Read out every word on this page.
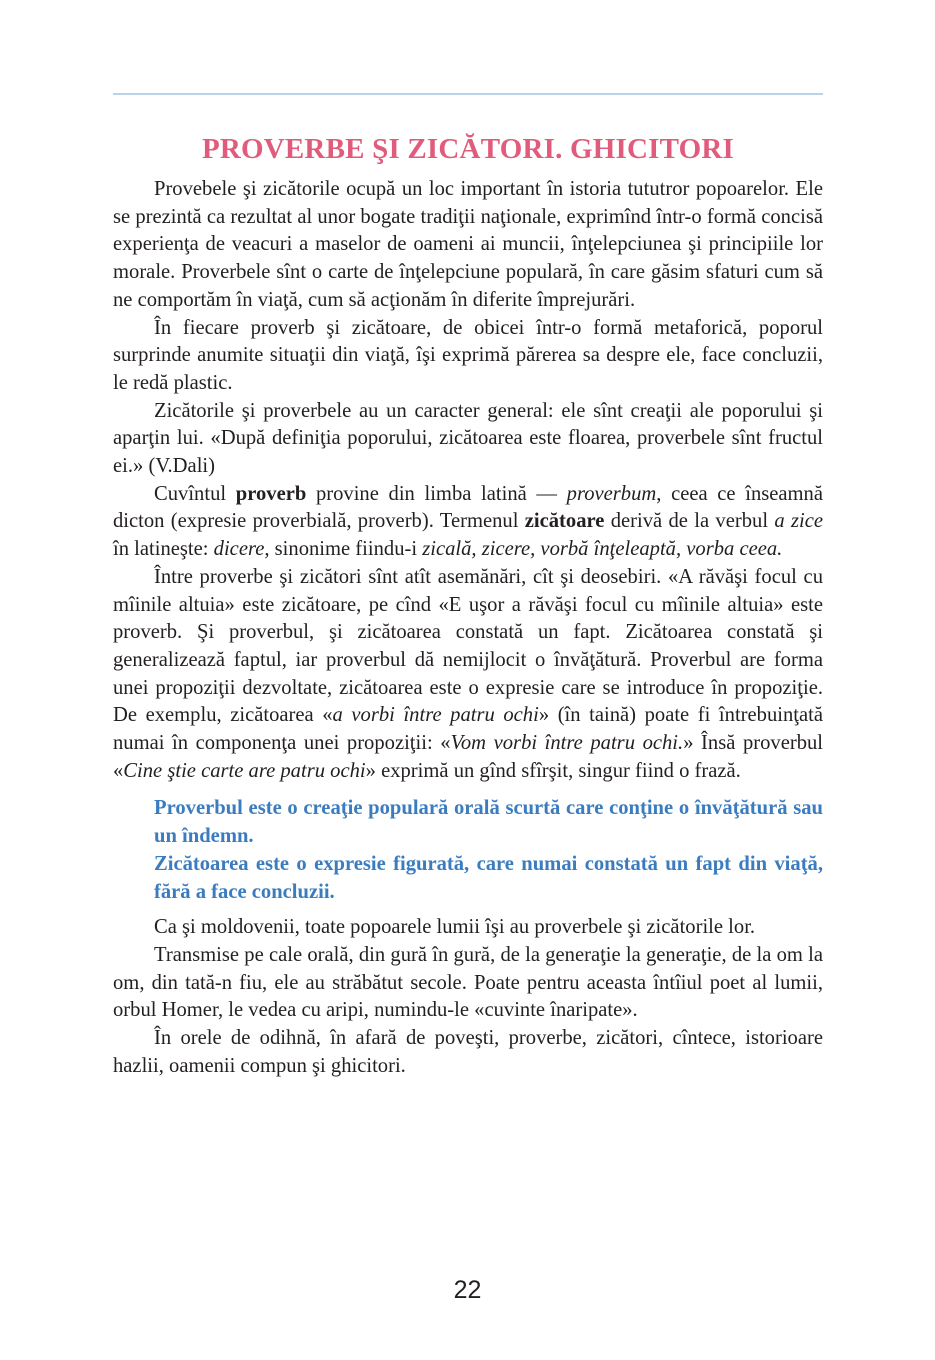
PROVERBE ŞI ZICĂTORI. GHICITORI

Provebele şi zicătorile ocupă un loc important în istoria tututror popoarelor. Ele se prezintă ca rezultat al unor bogate tradiţii naţionale, exprimînd într-o formă concisă experienţa de veacuri a maselor de oameni ai muncii, înţelepciunea şi principiile lor morale. Proverbele sînt o carte de înţelepciune populară, în care găsim sfaturi cum să ne comportăm în viaţă, cum să acţionăm în diferite împrejurări.

În fiecare proverb şi zicătoare, de obicei într-o formă metaforică, poporul surprinde anumite situaţii din viaţă, îşi exprimă părerea sa despre ele, face concluzii, le redă plastic.

Zicătorile şi proverbele au un caracter general: ele sînt creaţii ale poporului şi aparţin lui. «După definiţia poporului, zicătoarea este floarea, proverbele sînt fructul ei.» (V.Dali)

Cuvîntul proverb provine din limba latină — proverbum, ceea ce înseamnă dicton (expresie proverbială, proverb). Termenul zicătoare derivă de la verbul a zice în latineşte: dicere, sinonime fiindu-i zicală, zicere, vorbă înţeleaptă, vorba ceea.

Între proverbe şi zicători sînt atît asemănări, cît şi deosebiri. «A răvăşi focul cu mîinile altuia» este zicătoare, pe cînd «E uşor a răvăşi focul cu mîinile altuia» este proverb. Şi proverbul, şi zicătoarea constată un fapt. Zicătoarea constată şi generalizează faptul, iar proverbul dă nemijlocit o învăţătură. Proverbul are forma unei propoziţii dezvoltate, zicătoarea este o expresie care se introduce în propoziţie. De exemplu, zicătoarea «a vorbi între patru ochi» (în taină) poate fi întrebuinţată numai în componenţa unei propoziţii: «Vom vorbi între patru ochi.» Însă proverbul «Cine ştie carte are patru ochi» exprimă un gînd sfîrşit, singur fiind o frază.

Proverbul este o creaţie populară orală scurtă care conţine o învăţătură sau un îndemn.
Zicătoarea este o expresie figurată, care numai constată un fapt din viaţă, fără a face concluzii.

Ca şi moldovenii, toate popoarele lumii îşi au proverbele şi zicătorile lor.

Transmise pe cale orală, din gură în gură, de la generaţie la generaţie, de la om la om, din tată-n fiu, ele au străbătut secole. Poate pentru aceasta întîiul poet al lumii, orbul Homer, le vedea cu aripi, numindu-le «cuvinte înaripate».

În orele de odihnă, în afară de poveşti, proverbe, zicători, cîntece, istorioare hazlii, oamenii compun şi ghicitori.

22
